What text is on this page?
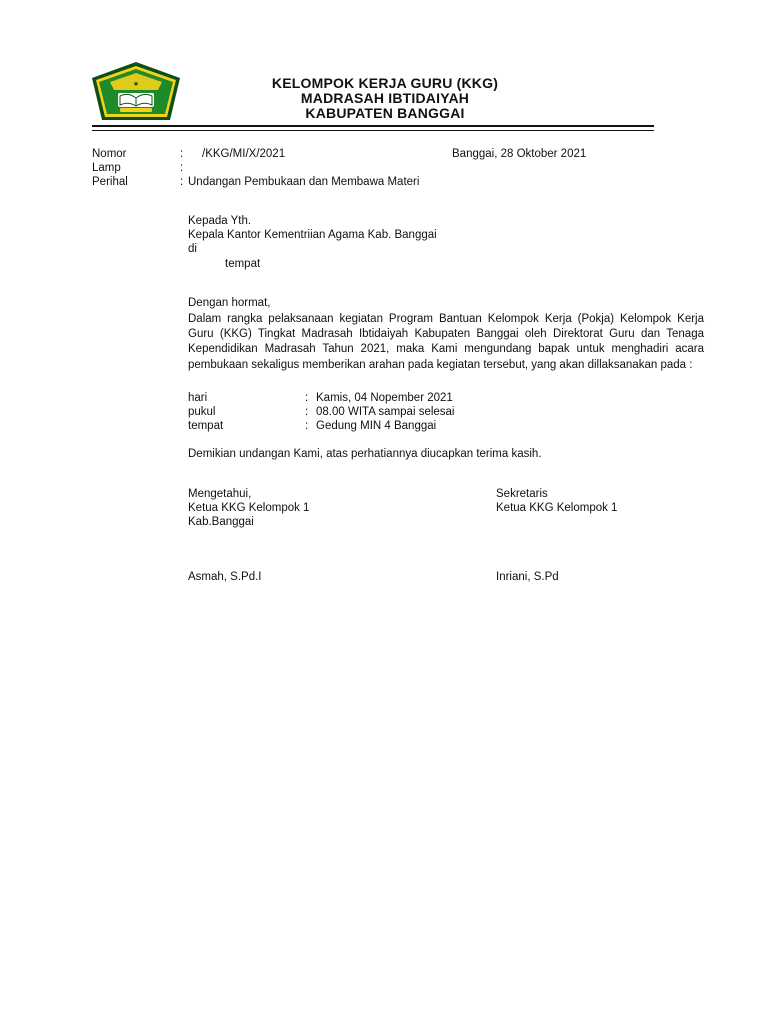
★	KELOMPOK KERJA GURU (KKG)
MADRASAH IBTIDAIYAH
KABUPATEN BANGGAI
Nomor	: /KKG/MI/X/2021	Banggai, 28 Oktober 2021
Lamp	:
Perihal	: Undangan Pembukaan dan Membawa Materi
Kepada Yth.
Kepala Kantor Kementriian Agama Kab. Banggai
di
tempat
Dengan hormat,

Dalam rangka pelaksanaan kegiatan Program Bantuan Kelompok Kerja (Pokja) Kelompok Kerja Guru (KKG) Tingkat Madrasah Ibtidaiyah Kabupaten Banggai oleh Direktorat Guru dan Tenaga Kependidikan Madrasah Tahun 2021, maka Kami mengundang bapak untuk menghadiri acara pembukaan sekaligus memberikan arahan pada kegiatan tersebut, yang akan dillaksanakan pada :

hari	: Kamis, 04 Nopember 2021
pukul	: 08.00 WITA sampai selesai
tempat	: Gedung MIN 4 Banggai
Demikian undangan Kami, atas perhatiannya diucapkan terima kasih.
Mengetahui,
Ketua KKG Kelompok 1
Kab.Banggai
Asmah, S.Pd.I
Sekretaris
Ketua KKG Kelompok 1
Inriani, S.Pd
